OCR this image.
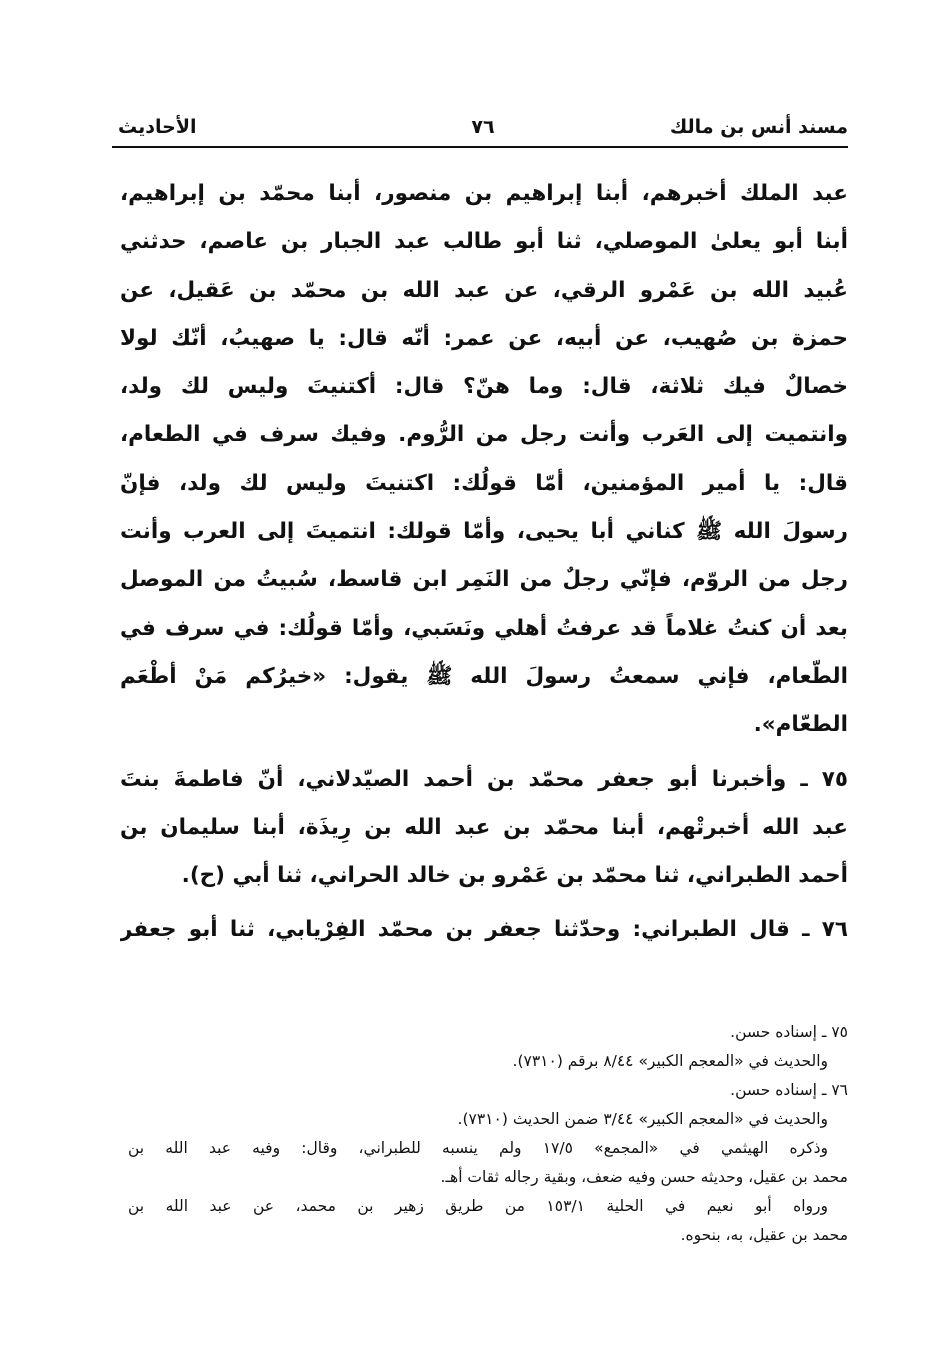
مسند أنس بن مالك
٧٦
الأحاديث
عبد الملك أخبرهم، أبنا إبراهيم بن منصور، أبنا محمّد بن إبراهيم،
أبنا أبو يعلىٰ الموصلي، ثنا أبو طالب عبد الجبار بن عاصم، حدثني
عُبيد الله بن عَمْرو الرقي، عن عبد الله بن محمّد بن عَقيل، عن
حمزة بن صُهيب، عن أبيه، عن عمر: أنّه قال: يا صهيبُ، أنّك لولا
خصالٌ فيك ثلاثة، قال: وما هنّ؟ قال: أكتنيتَ وليس لك ولد،
وانتميت إلى العَرب وأنت رجل من الرُّوم. وفيك سرف في الطعام،
قال: يا أمير المؤمنين، أمّا قولُك: اكتنيتَ وليس لك ولد، فإنّ
رسولَ الله ﷺ كناني أبا يحيى، وأمّا قولك: انتميتَ إلى العرب وأنت
رجل من الروّم، فإنّي رجلٌ من النَمِر ابن قاسط، سُبيتُ من الموصل
بعد أن كنتُ غلاماً قد عرفتُ أهلي ونَسَبي، وأمّا قولُك: في سرف في
الطّعام، فإني سمعتُ رسولَ الله ﷺ يقول: «خيرُكم مَنْ أطْعَم
الطعّام».
٧٥ ـ وأخبرنا أبو جعفر محمّد بن أحمد الصيّدلاني، أنّ فاطمةَ بنتَ
عبد الله أخبرتْهم، أبنا محمّد بن عبد الله بن رِيذَة، أبنا سليمان بن
أحمد الطبراني، ثنا محمّد بن عَمْرو بن خالد الحراني، ثنا أبي (ح).
٧٦ ـ قال الطبراني: وحدّثنا جعفر بن محمّد الفِرْيابي، ثنا أبو جعفر
٧٥ ـ إسناده حسن.
والحديث في «المعجم الكبير» ٨/٤٤ برقم (٧٣١٠).
٧٦ ـ إسناده حسن.
والحديث في «المعجم الكبير» ٣/٤٤ ضمن الحديث (٧٣١٠).
وذكره الهيثمي في «المجمع» ١٧/٥ ولم ينسبه للطبراني، وقال: وفيه عبد الله بن
محمد بن عقيل، وحديثه حسن وفيه ضعف، وبقية رجاله ثقات أهـ.
ورواه أبو نعيم في الحلية ١٥٣/١ من طريق زهير بن محمد، عن عبد الله بن
محمد بن عقيل، به، بنحوه.
